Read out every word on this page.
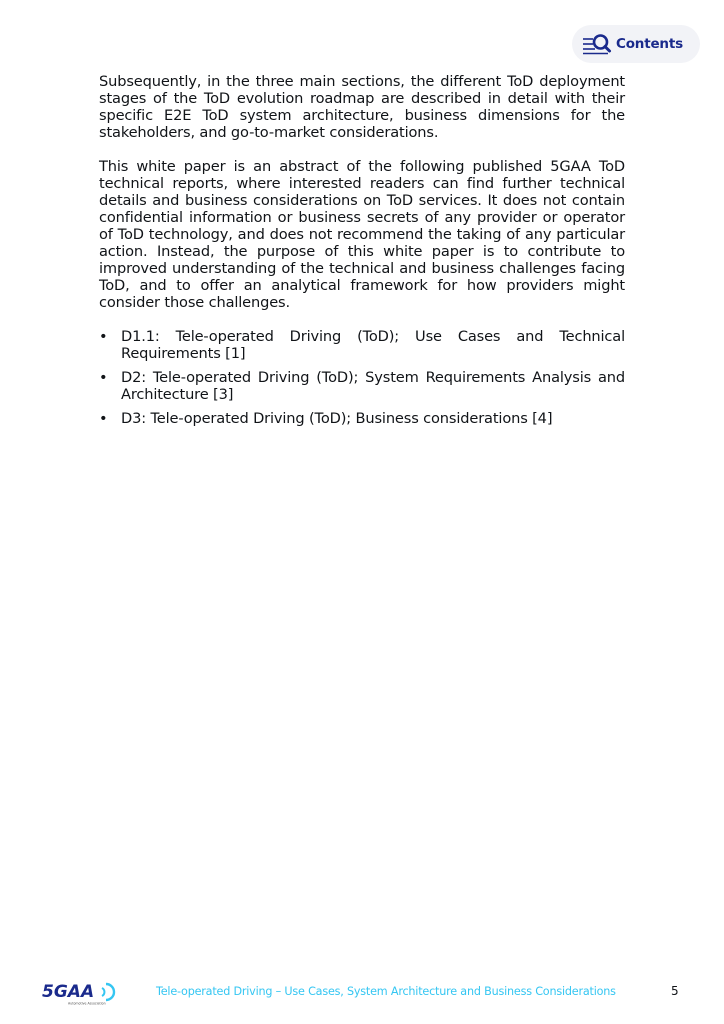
Contents

Subsequently, in the three main sections, the different ToD deployment stages of the ToD evolution roadmap are described in detail with their specific E2E ToD system architecture, business dimensions for the stakeholders, and go-to-market considerations.

This white paper is an abstract of the following published 5GAA ToD technical reports, where interested readers can find further technical details and business considerations on ToD services. It does not contain confidential information or business secrets of any provider or operator of ToD technology, and does not recommend the taking of any particular action. Instead, the purpose of this white paper is to contribute to improved understanding of the technical and business challenges facing ToD, and to offer an analytical framework for how providers might consider those challenges.

• D1.1: Tele-operated Driving (ToD); Use Cases and Technical Requirements [1]
• D2: Tele-operated Driving (ToD); System Requirements Analysis and Architecture [3]
• D3: Tele-operated Driving (ToD); Business considerations [4]
5GAA
Automotive Association
Tele-operated Driving – Use Cases, System Architecture and Business Considerations	5
